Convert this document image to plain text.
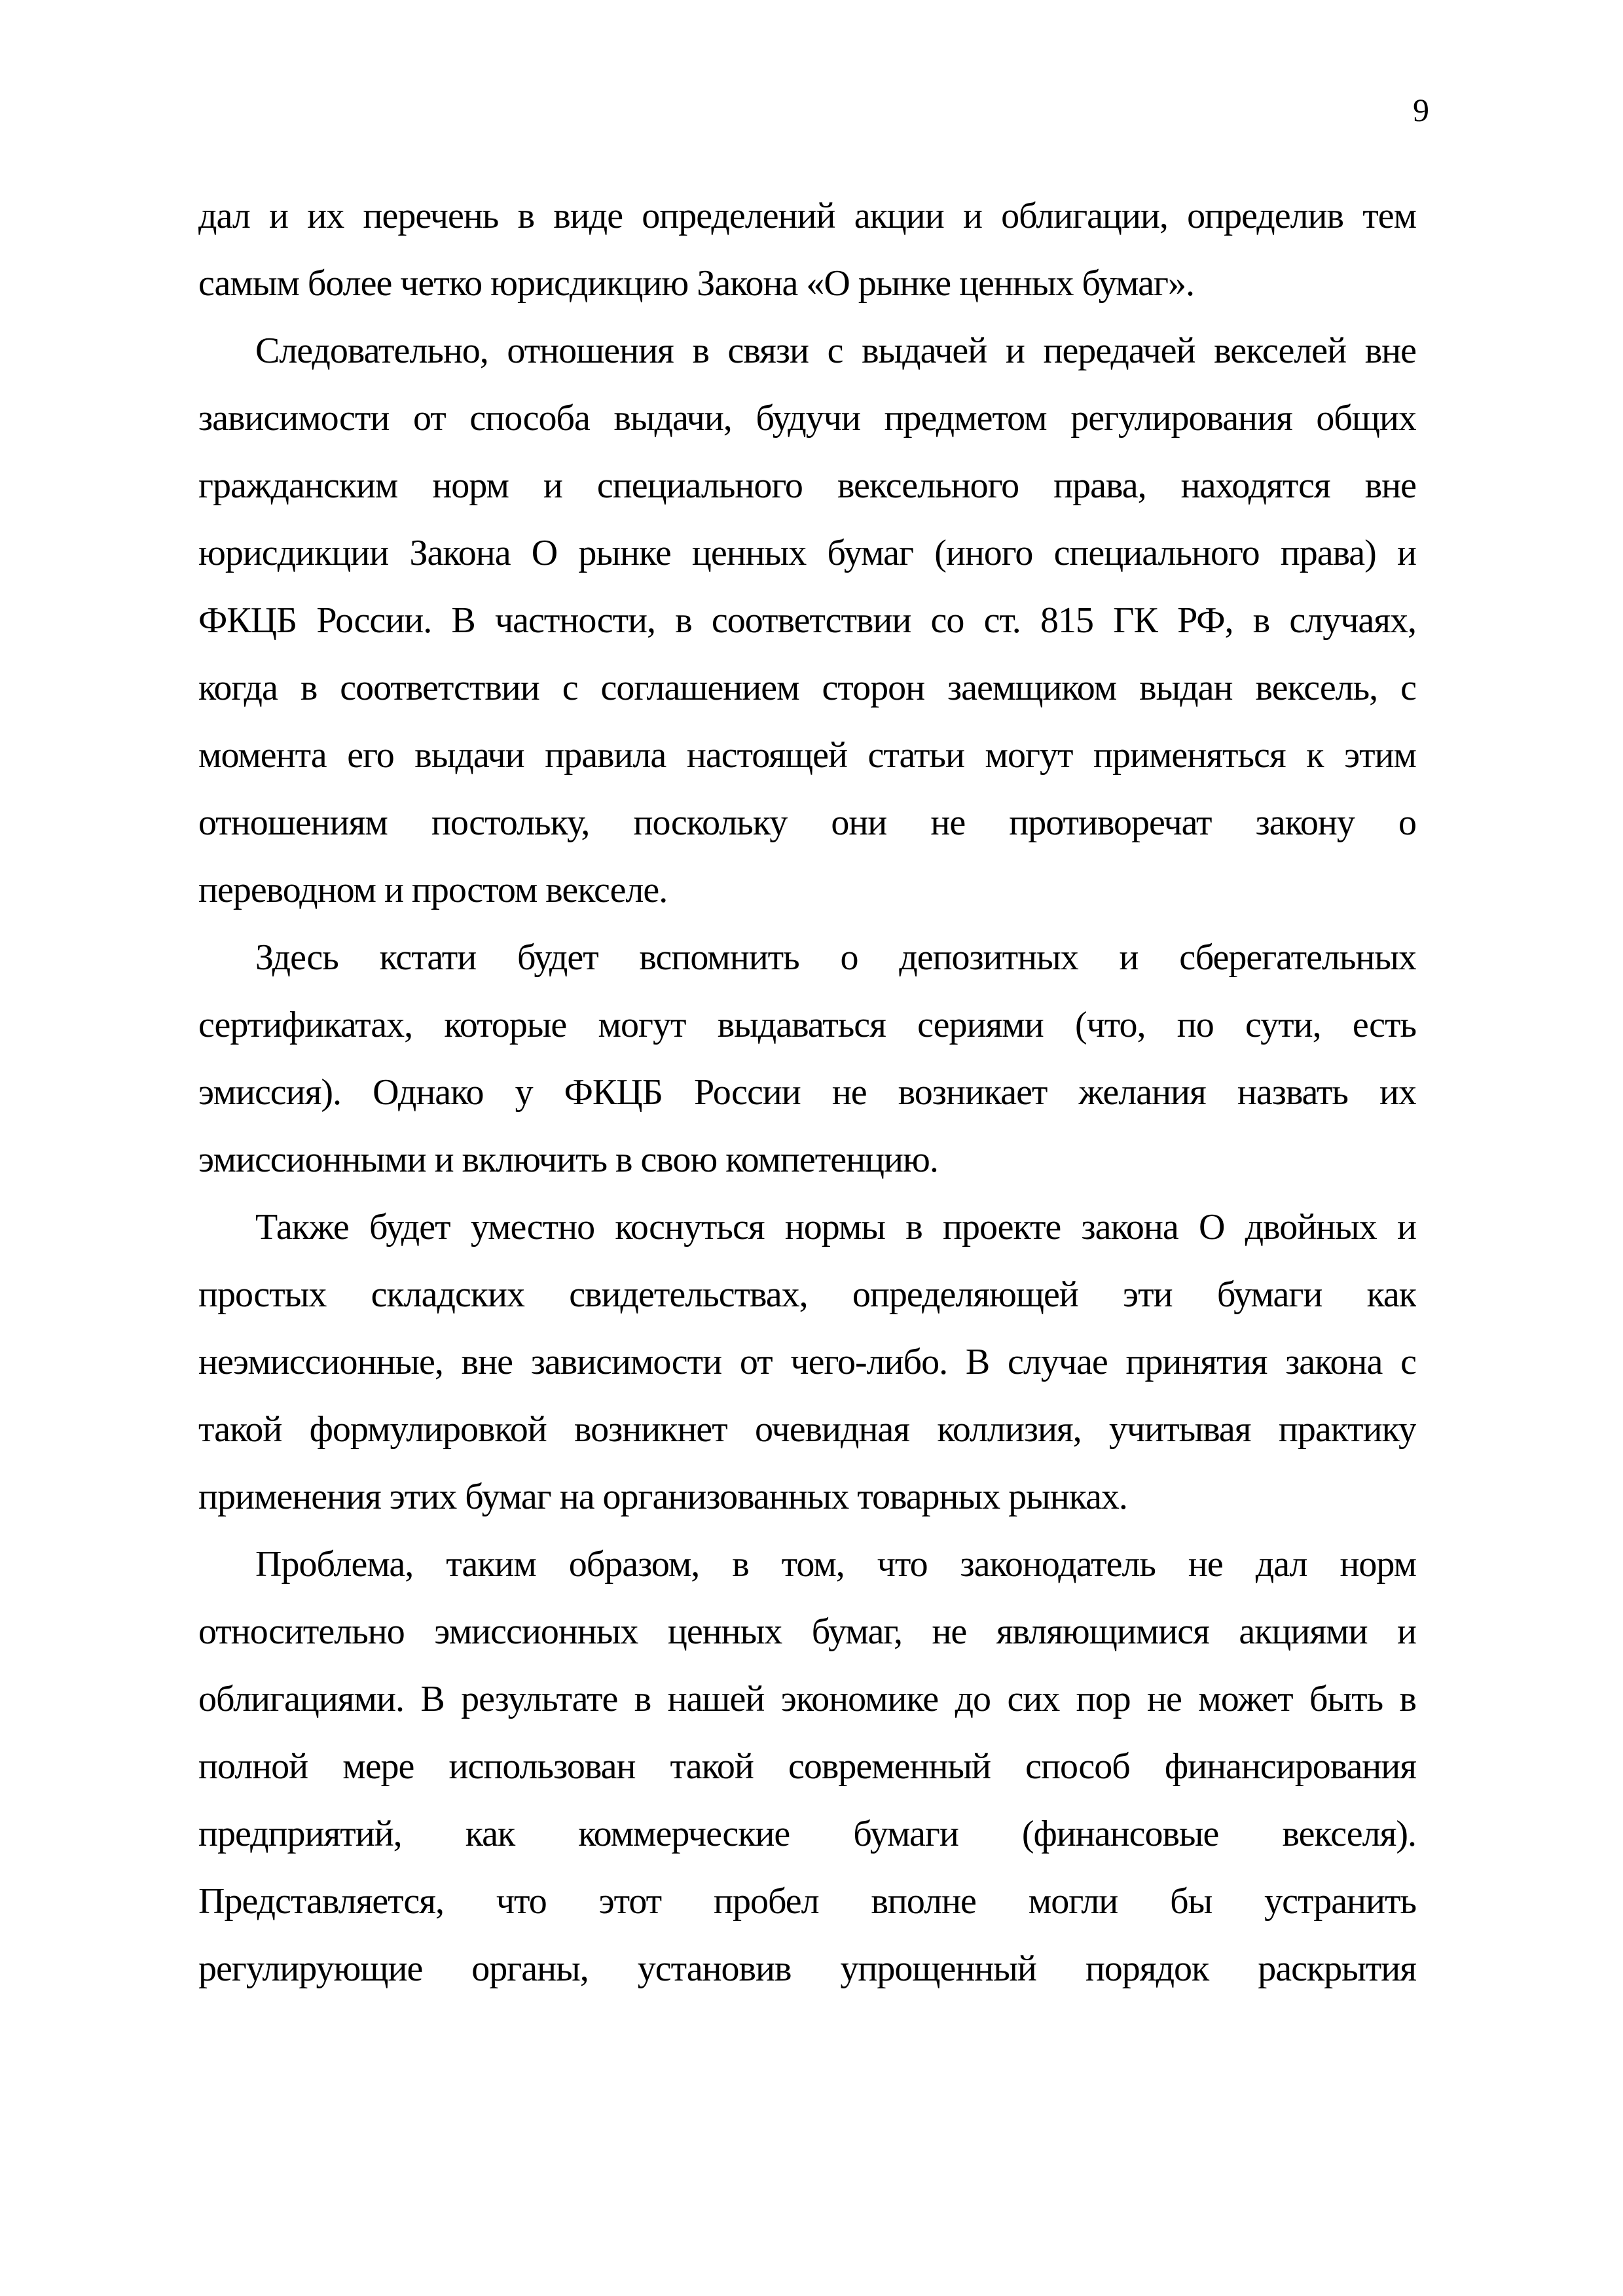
9
дал и их перечень в виде определений акции и облигации, определив тем
самым более четко юрисдикцию Закона «О рынке ценных бумаг».
Следовательно, отношения в связи с выдачей и передачей векселей вне
зависимости от способа выдачи, будучи предметом регулирования общих
гражданским норм и специального вексельного права, находятся вне
юрисдикции Закона О рынке ценных бумаг (иного специального права) и
ФКЦБ России. В частности, в соответствии со ст. 815 ГК РФ, в случаях,
когда в соответствии с соглашением сторон заемщиком выдан вексель, с
момента его выдачи правила настоящей статьи могут применяться к этим
отношениям постольку, поскольку они не противоречат закону о
переводном и простом векселе.
Здесь кстати будет вспомнить о депозитных и сберегательных
сертификатах, которые могут выдаваться сериями (что, по сути, есть
эмиссия). Однако у ФКЦБ России не возникает желания назвать их
эмиссионными и включить в свою компетенцию.
Также будет уместно коснуться нормы в проекте закона О двойных и
простых складских свидетельствах, определяющей эти бумаги как
неэмиссионные, вне зависимости от чего-либо. В случае принятия закона с
такой формулировкой возникнет очевидная коллизия, учитывая практику
применения этих бумаг на организованных товарных рынках.
Проблема, таким образом, в том, что законодатель не дал норм
относительно эмиссионных ценных бумаг, не являющимися акциями и
облигациями. В результате в нашей экономике до сих пор не может быть в
полной мере использован такой современный способ финансирования
предприятий, как коммерческие бумаги (финансовые векселя).
Представляется, что этот пробел вполне могли бы устранить
регулирующие органы, установив упрощенный порядок раскрытия
